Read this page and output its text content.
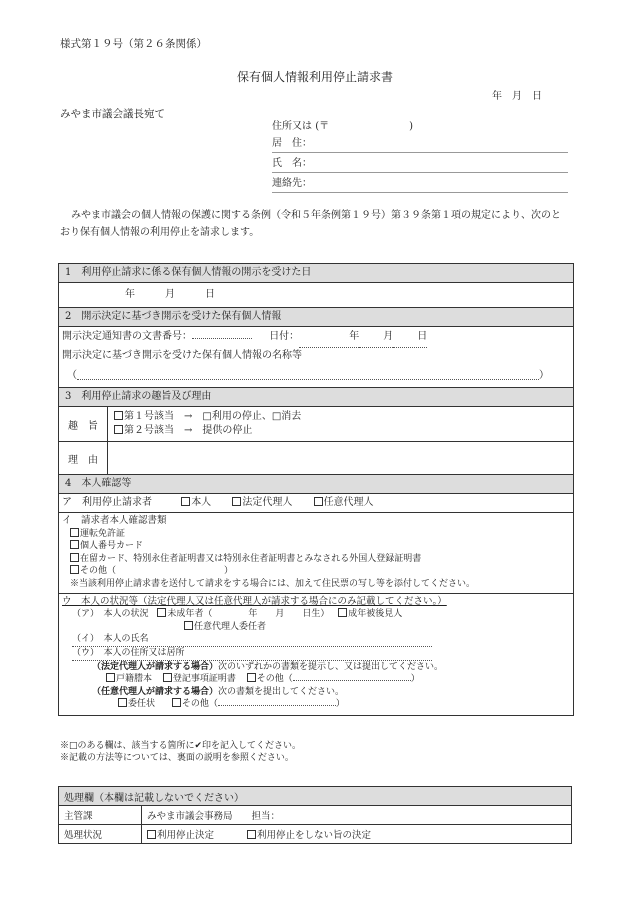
様式第１９号（第２６条関係）
保有個人情報利用停止請求書
年　月　日
みやま市議会議長宛て
住所又は (〒　　　　　　　　)
居　住：
氏　名：
連絡先：
みやま市議会の個人情報の保護に関する条例（令和５年条例第１９号）第３９条第１項の規定により、次のとおり保有個人情報の利用停止を請求します。
1　利用停止請求に係る保有個人情報の開示を受けた日
年　　　月　　　日
2　開示決定に基づき開示を受けた保有個人情報
開示決定通知書の文書番号：	日付：	年 月 日
開示決定に基づき開示を受けた保有個人情報の名称等
（	）
3　利用停止請求の趣旨及び理由
趣　旨
第１号該当　→　□利用の停止、□消去
第２号該当　→　提供の停止
理　由
4　本人確認等
ア　利用停止請求者	本人	法定代理人	任意代理人
イ　請求者本人確認書類
運転免許証
個人番号カード
在留カード、特別永住者証明書又は特別永住者証明書とみなされる外国人登録証明書
その他（　　　　　　　　　　　　）
※当該利用停止請求書を送付して請求をする場合には、加えて住民票の写し等を添付してください。
ウ　本人の状況等（法定代理人又は任意代理人が請求する場合にのみ記載してください。）
（ア）　本人の状況 未成年者（　　　　年　　月　　日生） 成年被後見人
任意代理人委任者
（イ）　本人の氏名
（ウ）　本人の住所又は居所
（法定代理人が請求する場合）次のいずれかの書類を提示し、又は提出してください。
戸籍謄本 登記事項証明書 その他（	）
（任意代理人が請求する場合）次の書類を提出してください。
委任状	その他（	）
※□のある欄は、該当する箇所に✔印を記入してください。
※記載の方法等については、裏面の説明を参照ください。
処理欄（本欄は記載しないでください）	
主管課	みやま市議会事務局　　担当：
処理状況	利用停止決定 利用停止をしない旨の決定
